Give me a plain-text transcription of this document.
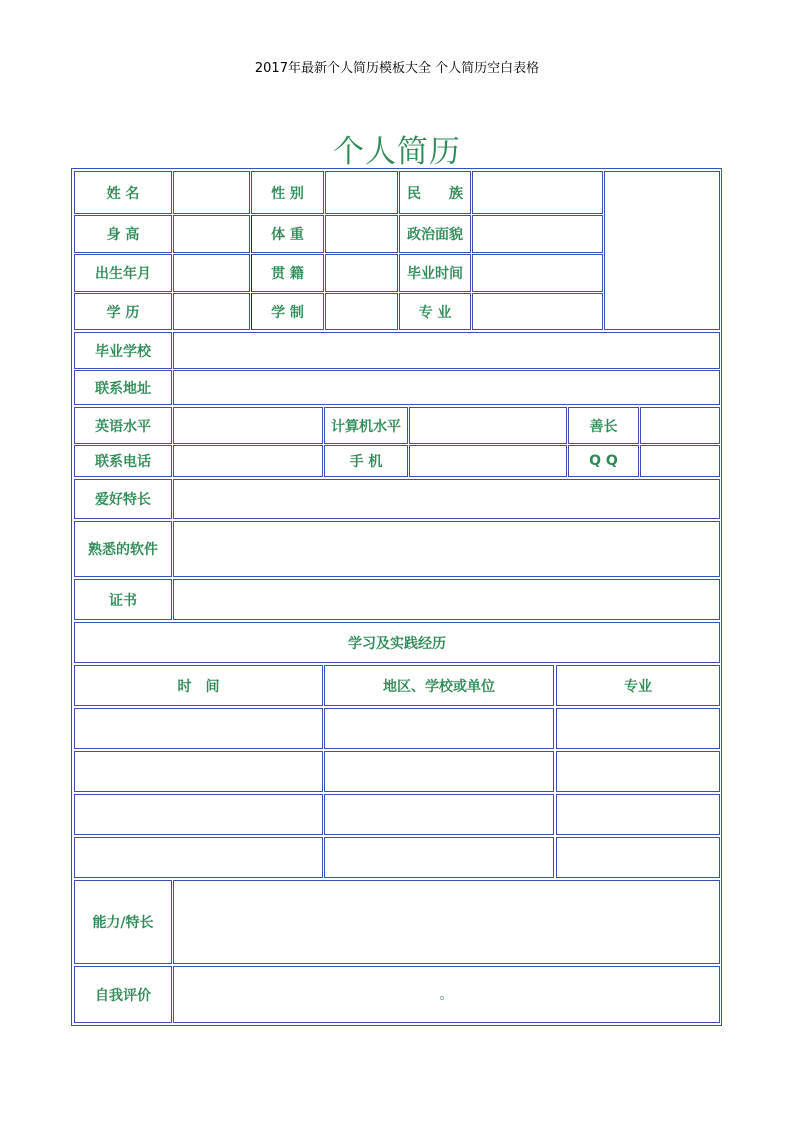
2017年最新个人简历模板大全 个人简历空白表格
个人简历
姓 名	性 别	民　　族
身 高	体 重	政治面貌
出生年月	贯 籍	毕业时间
学 历	学 制	专 业
毕业学校
联系地址
英语水平	计算机水平	善长
联系电话	手 机	Q Q
爱好特长
熟悉的软件
证书
学习及实践经历
时　间	地区、学校或单位	专业
能力/特长
自我评价	。
